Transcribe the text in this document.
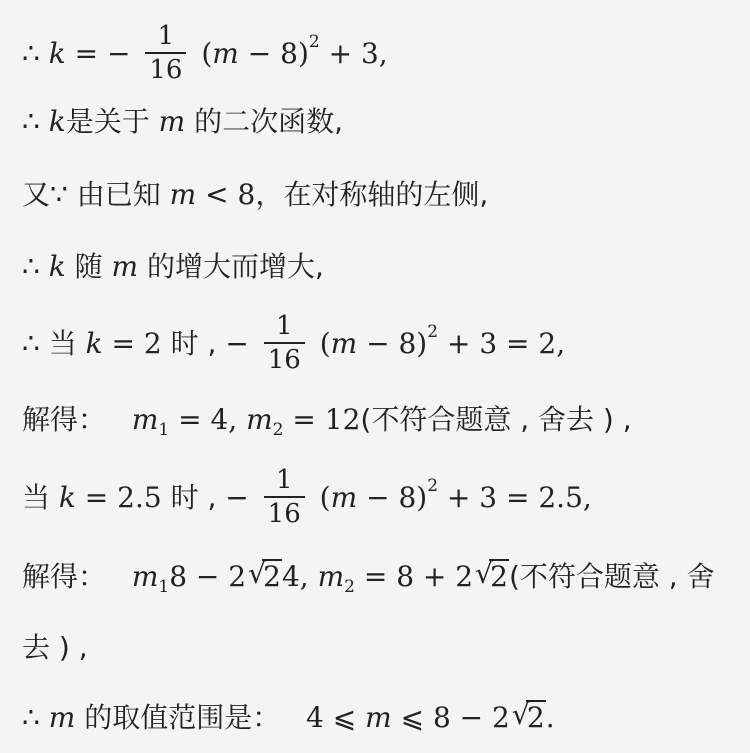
∴ k = − $\frac{1}{16} (m - 8)^2 + 3$,
∴ k是关于 m 的二次函数,
又∵ 由已知 m < 8，在对称轴的左侧,
∴ k 随 m 的增大而增大,
∴ 当 k = 2 时 , − $\frac{1}{16} (m - 8)^2 + 3 = 2$,
解得： $m_1 = 4$, $m_2 = 12$(不符合题意 , 舍去 ) ,
当 k = 2.5 时 , − $\frac{1}{16} (m - 8)^2 + 3 = 2.5$,
解得： $m_18 - 2$ √
24, $m_2 = 8 + 2$ √
2(不符合题意 , 舍
去 ) ,
∴ m 的取值范围是： 4 ⩽ m ⩽ 8 − 2 √
2.
